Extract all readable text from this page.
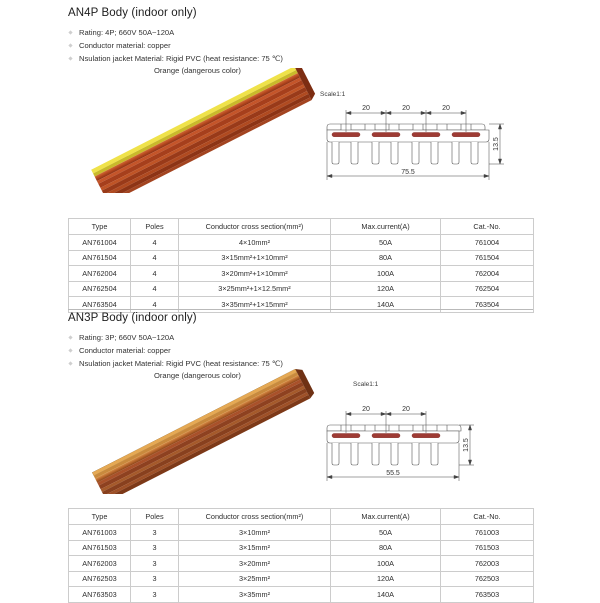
AN4P Body (indoor only)
Rating: 4P; 660V 50A~120A
Conductor material: copper
Nsulation jacket Material: Rigid PVC (heat resistance: 75 ℃)
Orange (dangerous color)
Scale1:1
20	20	20
75.5
13.5
Type	Poles	Conductor cross section(mm²)	Max.current(A)	Cat.-No.
AN761004	4	4×10mm²	50A	761004
AN761504	4	3×15mm²+1×10mm²	80A	761504
AN762004	4	3×20mm²+1×10mm²	100A	762004
AN762504	4	3×25mm²+1×12.5mm²	120A	762504
AN763504	4	3×35mm²+1×15mm²	140A	763504
AN3P Body (indoor only)
Rating: 3P; 660V 50A~120A
Conductor material: copper
Nsulation jacket Material: Rigid PVC (heat resistance: 75 ℃)
Orange (dangerous color)
Scale1:1
20	20
55.5
13.5
Type	Poles	Conductor cross section(mm²)	Max.current(A)	Cat.-No.
AN761003	3	3×10mm²	50A	761003
AN761503	3	3×15mm²	80A	761503
AN762003	3	3×20mm²	100A	762003
AN762503	3	3×25mm²	120A	762503
AN763503	3	3×35mm²	140A	763503
